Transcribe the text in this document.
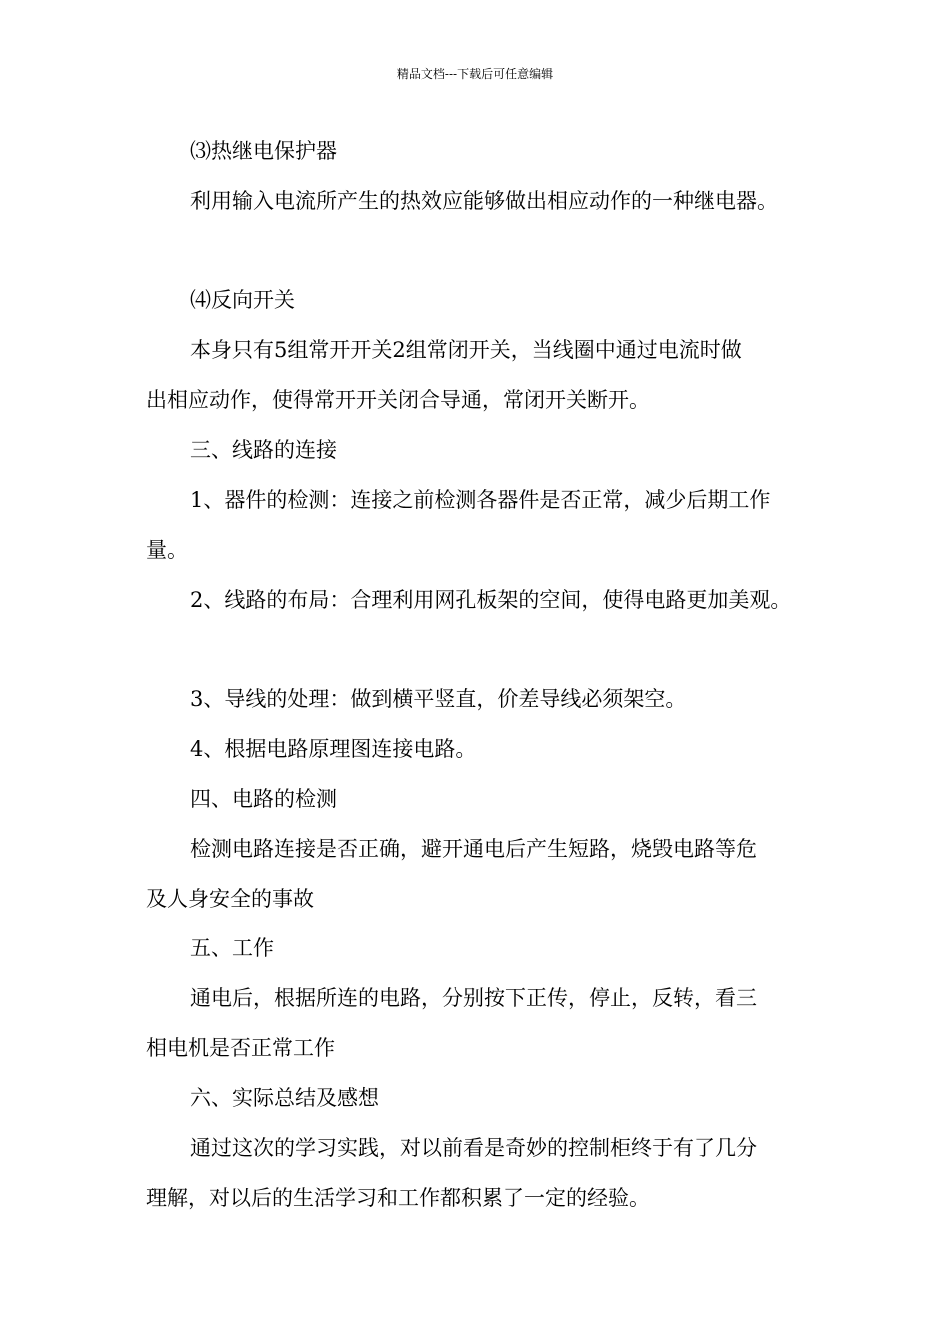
精品文档---下载后可任意编辑
⑶热继电保护器
利用输入电流所产生的热效应能够做出相应动作的一种继电器。
⑷反向开关
本身只有5组常开开关2组常闭开关，当线圈中通过电流时做
出相应动作，使得常开开关闭合导通，常闭开关断开。
三、线路的连接
1、器件的检测：连接之前检测各器件是否正常，减少后期工作
量。
2、线路的布局：合理利用网孔板架的空间，使得电路更加美观。
3、导线的处理：做到横平竖直，价差导线必须架空。
4、根据电路原理图连接电路。
四、电路的检测
检测电路连接是否正确，避开通电后产生短路，烧毁电路等危
及人身安全的事故
五、工作
通电后，根据所连的电路，分别按下正传，停止，反转，看三
相电机是否正常工作
六、实际总结及感想
通过这次的学习实践，对以前看是奇妙的控制柜终于有了几分
理解，对以后的生活学习和工作都积累了一定的经验。
